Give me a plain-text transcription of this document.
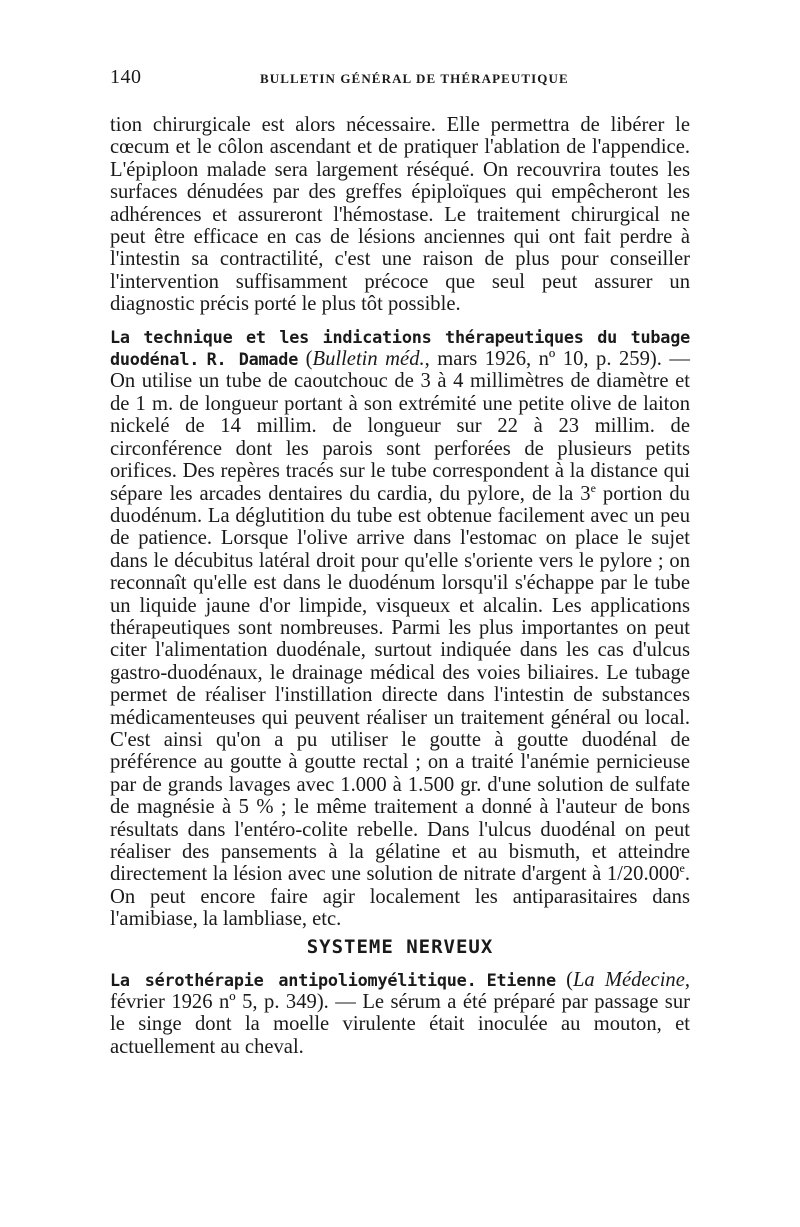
140	BULLETIN GÉNÉRAL DE THÉRAPEUTIQUE

tion chirurgicale est alors nécessaire. Elle permettra de libérer le cœcum et le côlon ascendant et de pratiquer l'ablation de l'appendice. L'épiploon malade sera largement réséqué. On recouvrira toutes les surfaces dénudées par des greffes épiploïques qui empêcheront les adhérences et assureront l'hémostase. Le traitement chirurgical ne peut être efficace en cas de lésions anciennes qui ont fait perdre à l'intestin sa contractilité, c'est une raison de plus pour conseiller l'intervention suffisamment précoce que seul peut assurer un diagnostic précis porté le plus tôt possible.

La technique et les indications thérapeutiques du tubage duodénal. R. Damade (Bulletin méd., mars 1926, nº 10, p. 259). — On utilise un tube de caoutchouc de 3 à 4 millimètres de diamètre et de 1 m. de longueur portant à son extrémité une petite olive de laiton nickelé de 14 millim. de longueur sur 22 à 23 millim. de circonférence dont les parois sont perforées de plusieurs petits orifices. Des repères tracés sur le tube correspondent à la distance qui sépare les arcades dentaires du cardia, du pylore, de la 3e portion du duodénum. La déglutition du tube est obtenue facilement avec un peu de patience. Lorsque l'olive arrive dans l'estomac on place le sujet dans le décubitus latéral droit pour qu'elle s'oriente vers le pylore ; on reconnaît qu'elle est dans le duodénum lorsqu'il s'échappe par le tube un liquide jaune d'or limpide, visqueux et alcalin. Les applications thérapeutiques sont nombreuses. Parmi les plus importantes on peut citer l'alimentation duodénale, surtout indiquée dans les cas d'ulcus gastro-duodénaux, le drainage médical des voies biliaires. Le tubage permet de réaliser l'instillation directe dans l'intestin de substances médicamenteuses qui peuvent réaliser un traitement général ou local. C'est ainsi qu'on a pu utiliser le goutte à goutte duodénal de préférence au goutte à goutte rectal ; on a traité l'anémie pernicieuse par de grands lavages avec 1.000 à 1.500 gr. d'une solution de sulfate de magnésie à 5 % ; le même traitement a donné à l'auteur de bons résultats dans l'entéro-colite rebelle. Dans l'ulcus duodénal on peut réaliser des pansements à la gélatine et au bismuth, et atteindre directement la lésion avec une solution de nitrate d'argent à 1/20.000e. On peut encore faire agir localement les antiparasitaires dans l'amibiase, la lambliase, etc.

SYSTEME NERVEUX

La sérothérapie antipoliomyélitique. Etienne (La Médecine, février 1926 nº 5, p. 349). — Le sérum a été préparé par passage sur le singe dont la moelle virulente était inoculée au mouton, et actuellement au cheval.
